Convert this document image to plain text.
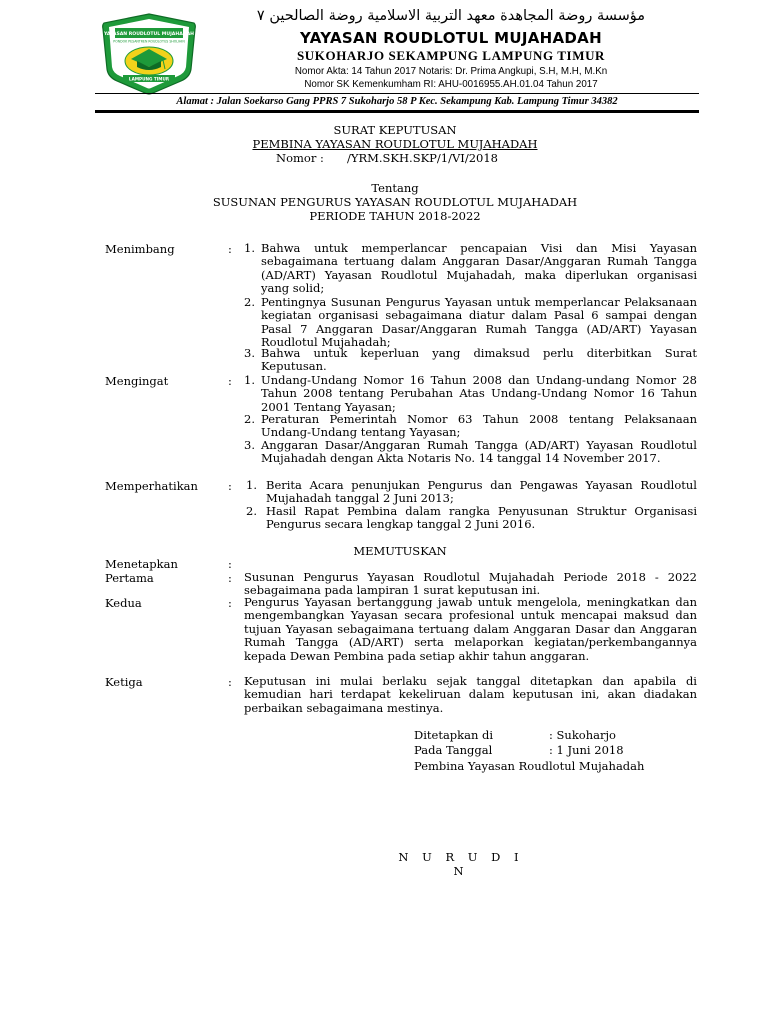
YAYASAN ROUDLOTUL MUJAHADAH
PONDOK PESANTREN ROUDLOTUS SHOLIHIN
LAMPUNG TIMUR
مؤسسة روضة المجاهدة معهد التربية الاسلامية روضة الصالحين ٧
YAYASAN ROUDLOTUL MUJAHADAH
SUKOHARJO SEKAMPUNG LAMPUNG TIMUR
Nomor Akta: 14 Tahun 2017 Notaris: Dr. Prima Angkupi, S.H, M.H, M.Kn
Nomor SK Kemenkumham RI: AHU-0016955.AH.01.04 Tahun 2017
Alamat : Jalan Soekarso Gang PPRS 7 Sukoharjo 58 P Kec. Sekampung Kab. Lampung Timur 34382
SURAT KEPUTUSAN
PEMBINA YAYASAN ROUDLOTUL MUJAHADAH
Nomor : /YRM.SKH.SKP/1/VI/2018
Tentang
SUSUNAN PENGURUS YAYASAN ROUDLOTUL MUJAHADAH
PERIODE TAHUN 2018-2022
Menimbang	: 1. Bahwa untuk memperlancar pencapaian Visi dan Misi Yayasan sebagaimana tertuang dalam Anggaran Dasar/Anggaran Rumah Tangga (AD/ART) Yayasan Roudlotul Mujahadah, maka diperlukan organisasi yang solid;
2. Pentingnya Susunan Pengurus Yayasan untuk memperlancar Pelaksanaan kegiatan organisasi sebagaimana diatur dalam Pasal 6 sampai dengan Pasal 7 Anggaran Dasar/Anggaran Rumah Tangga (AD/ART) Yayasan Roudlotul Mujahadah;
3. Bahwa untuk keperluan yang dimaksud perlu diterbitkan Surat Keputusan.
Mengingat	: 1. Undang-Undang Nomor 16 Tahun 2008 dan Undang-undang Nomor 28 Tahun 2008 tentang Perubahan Atas Undang-Undang Nomor 16 Tahun 2001 Tentang Yayasan;
2. Peraturan Pemerintah Nomor 63 Tahun 2008 tentang Pelaksanaan Undang-Undang tentang Yayasan;
3. Anggaran Dasar/Anggaran Rumah Tangga (AD/ART) Yayasan Roudlotul Mujahadah dengan Akta Notaris No. 14 tanggal 14 November 2017.
Memperhatikan	: 1. Berita Acara penunjukan Pengurus dan Pengawas Yayasan Roudlotul Mujahadah tanggal 2 Juni 2013;
2. Hasil Rapat Pembina dalam rangka Penyusunan Struktur Organisasi Pengurus secara lengkap tanggal 2 Juni 2016.
MEMUTUSKAN
Menetapkan	:
Pertama	: Susunan Pengurus Yayasan Roudlotul Mujahadah Periode 2018 - 2022 sebagaimana pada lampiran 1 surat keputusan ini.
Kedua	: Pengurus Yayasan bertanggung jawab untuk mengelola, meningkatkan dan mengembangkan Yayasan secara profesional untuk mencapai maksud dan tujuan Yayasan sebagaimana tertuang dalam Anggaran Dasar dan Anggaran Rumah Tangga (AD/ART) serta melaporkan kegiatan/perkembangannya kepada Dewan Pembina pada setiap akhir tahun anggaran.
Ketiga	: Keputusan ini mulai berlaku sejak tanggal ditetapkan dan apabila di kemudian hari terdapat kekeliruan dalam keputusan ini, akan diadakan perbaikan sebagaimana mestinya.
Ditetapkan di	: Sukoharjo
Pada Tanggal	: 1 Juni 2018
Pembina Yayasan Roudlotul Mujahadah
N U R U D I N
